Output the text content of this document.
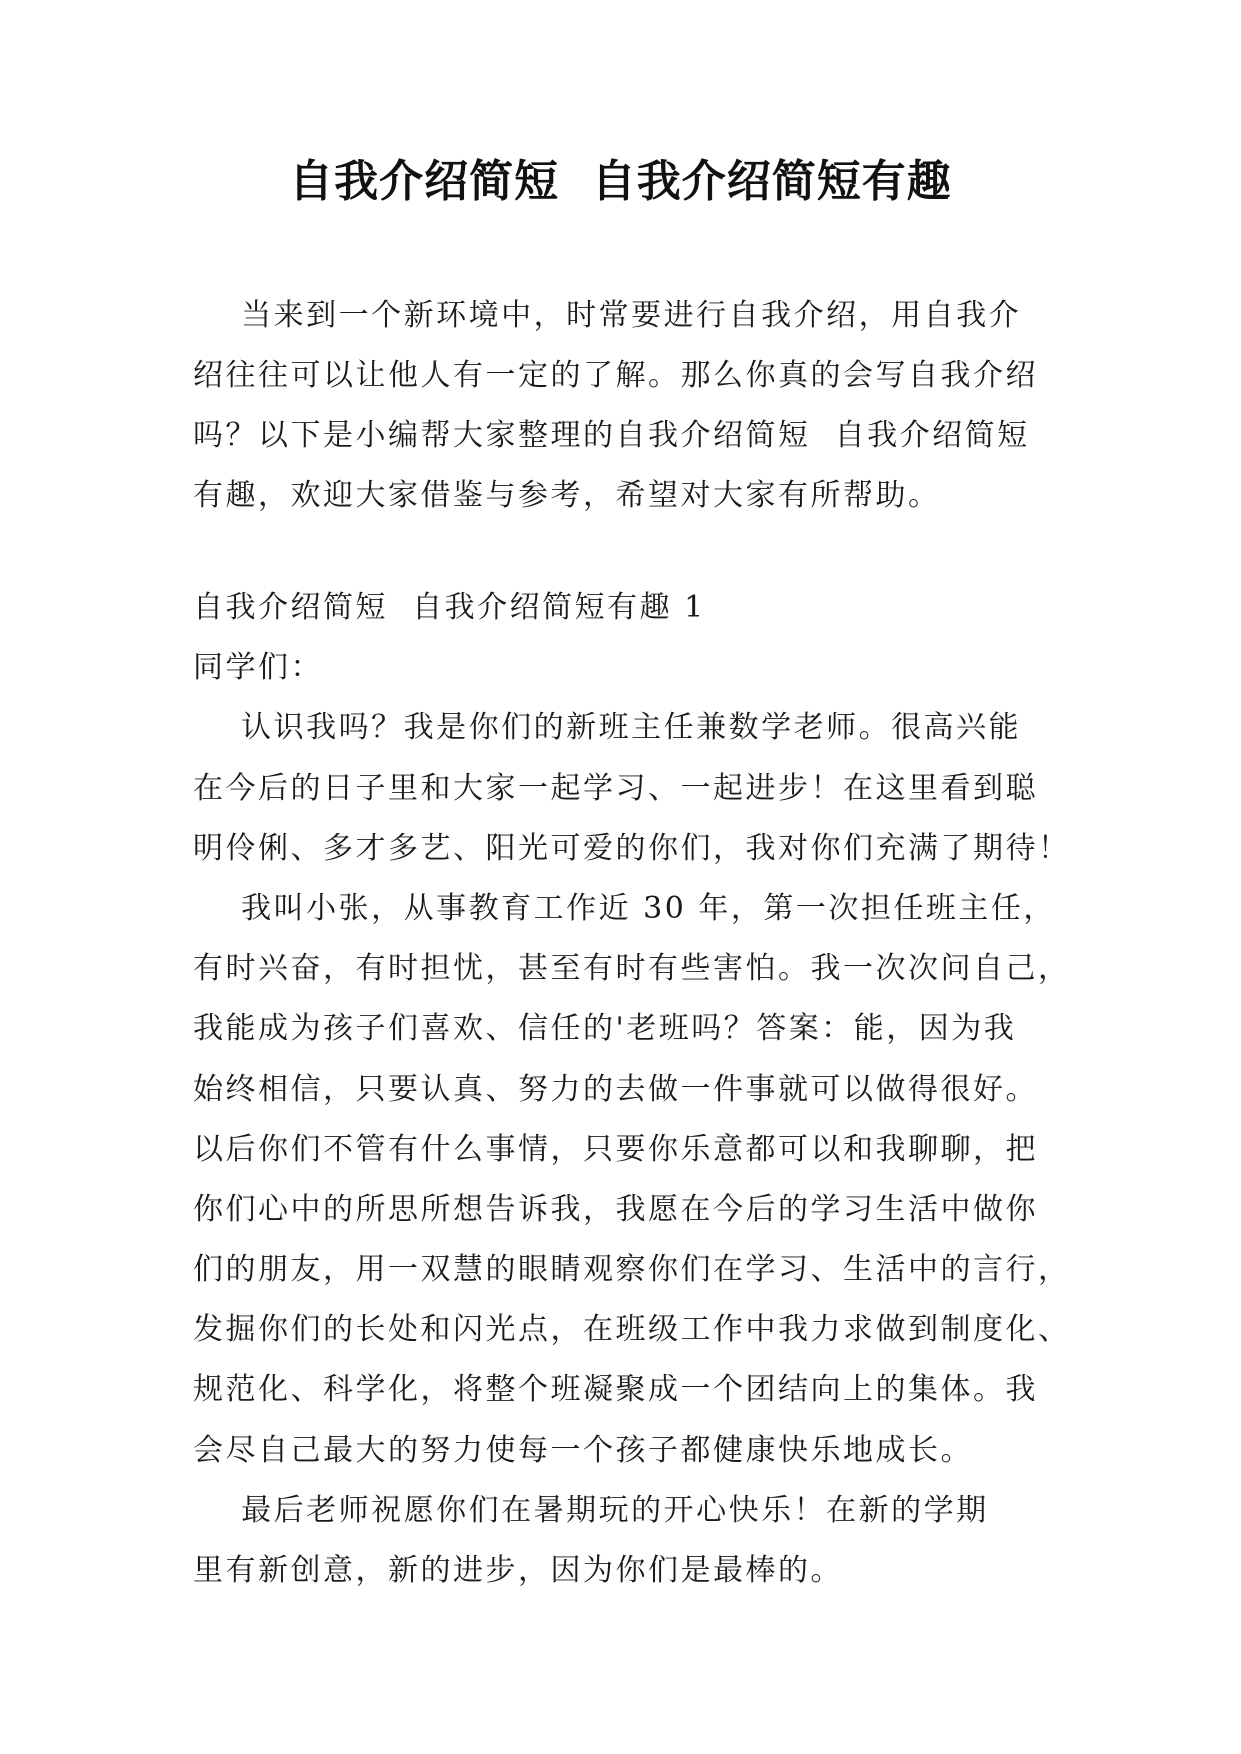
自我介绍简短  自我介绍简短有趣
当来到一个新环境中，时常要进行自我介绍，用自我介
绍往往可以让他人有一定的了解。那么你真的会写自我介绍
吗？以下是小编帮大家整理的自我介绍简短  自我介绍简短
有趣，欢迎大家借鉴与参考，希望对大家有所帮助。
自我介绍简短  自我介绍简短有趣 1
同学们：
认识我吗？我是你们的新班主任兼数学老师。很高兴能
在今后的日子里和大家一起学习、一起进步！在这里看到聪
明伶俐、多才多艺、阳光可爱的你们，我对你们充满了期待！
我叫小张，从事教育工作近 30 年，第一次担任班主任，
有时兴奋，有时担忧，甚至有时有些害怕。我一次次问自己，
我能成为孩子们喜欢、信任的'老班吗？答案：能，因为我
始终相信，只要认真、努力的去做一件事就可以做得很好。
以后你们不管有什么事情，只要你乐意都可以和我聊聊，把
你们心中的所思所想告诉我，我愿在今后的学习生活中做你
们的朋友，用一双慧的眼睛观察你们在学习、生活中的言行，
发掘你们的长处和闪光点，在班级工作中我力求做到制度化、
规范化、科学化，将整个班凝聚成一个团结向上的集体。我
会尽自己最大的努力使每一个孩子都健康快乐地成长。
最后老师祝愿你们在暑期玩的开心快乐！在新的学期
里有新创意，新的进步，因为你们是最棒的。
